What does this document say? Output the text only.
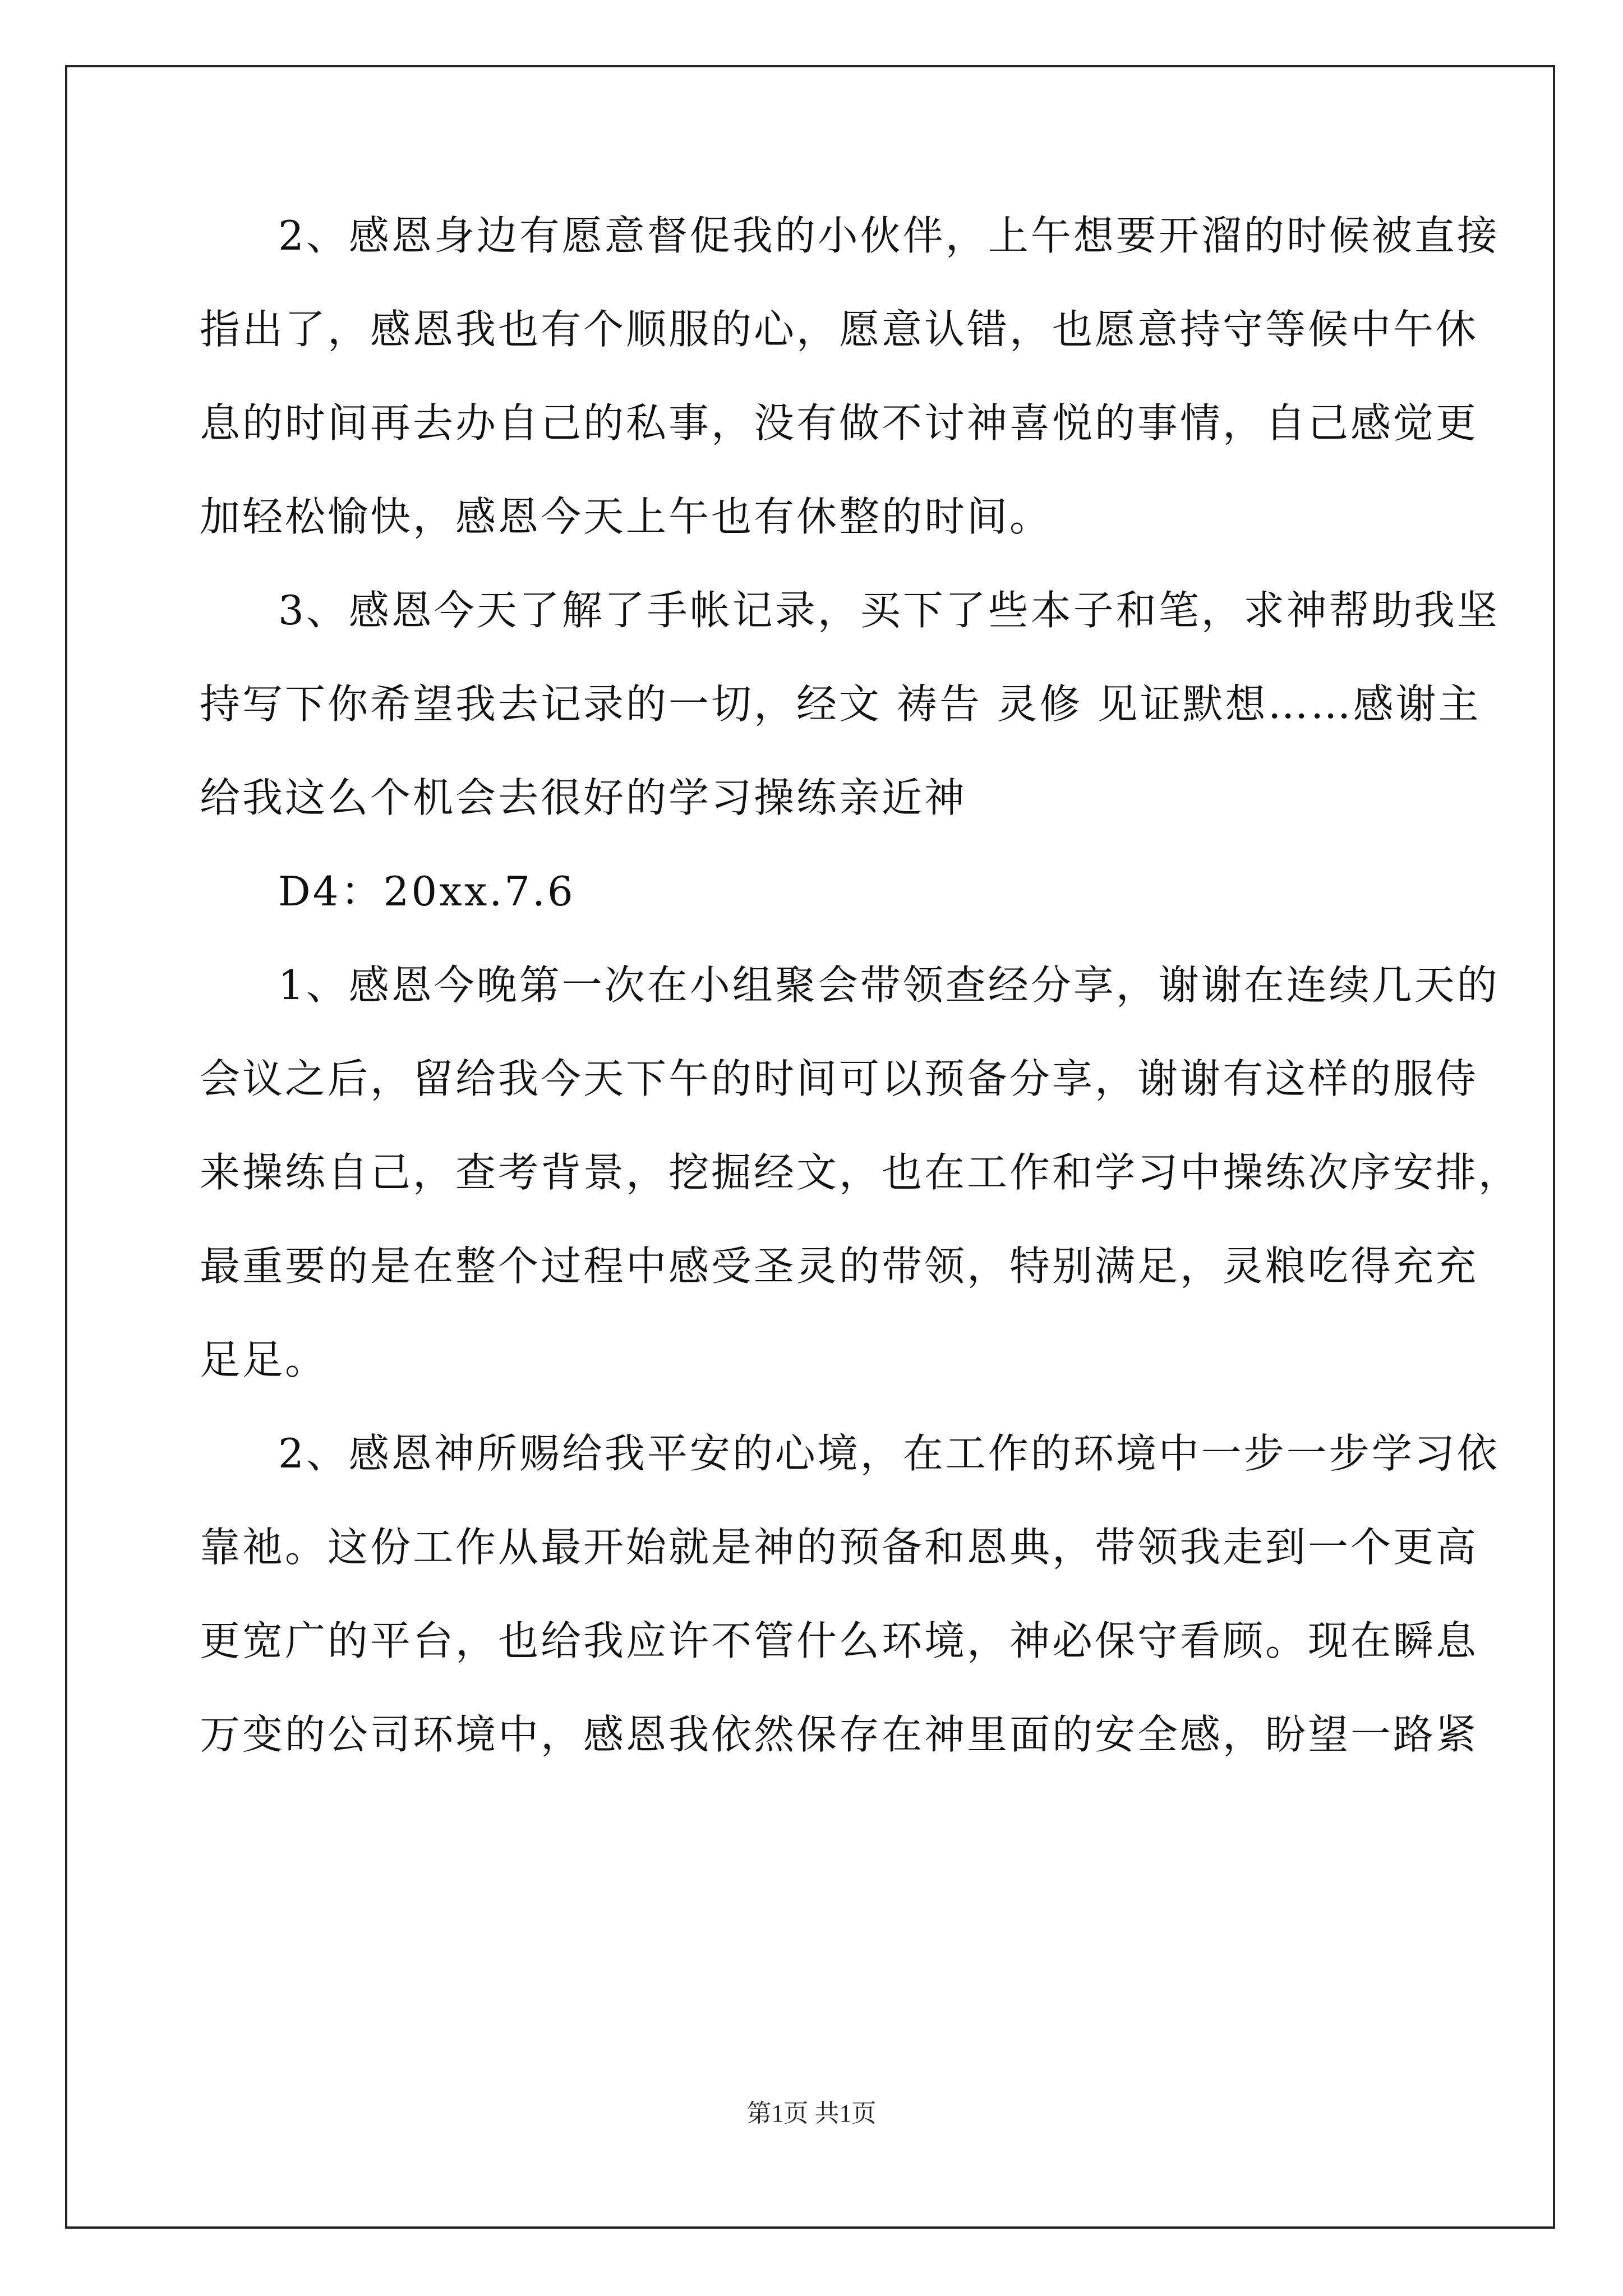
2、感恩身边有愿意督促我的小伙伴，上午想要开溜的时候被直接
指出了，感恩我也有个顺服的心，愿意认错，也愿意持守等候中午休
息的时间再去办自己的私事，没有做不讨神喜悦的事情，自己感觉更
加轻松愉快，感恩今天上午也有休整的时间。
3、感恩今天了解了手帐记录，买下了些本子和笔，求神帮助我坚
持写下你希望我去记录的一切，经文 祷告 灵修 见证默想……感谢主
给我这么个机会去很好的学习操练亲近神
D4：20xx.7.6
1、感恩今晚第一次在小组聚会带领查经分享，谢谢在连续几天的
会议之后，留给我今天下午的时间可以预备分享，谢谢有这样的服侍
来操练自己，查考背景，挖掘经文，也在工作和学习中操练次序安排，
最重要的是在整个过程中感受圣灵的带领，特别满足，灵粮吃得充充
足足。
2、感恩神所赐给我平安的心境，在工作的环境中一步一步学习依
靠祂。这份工作从最开始就是神的预备和恩典，带领我走到一个更高
更宽广的平台，也给我应许不管什么环境，神必保守看顾。现在瞬息
万变的公司环境中，感恩我依然保存在神里面的安全感，盼望一路紧
第1页 共1页
